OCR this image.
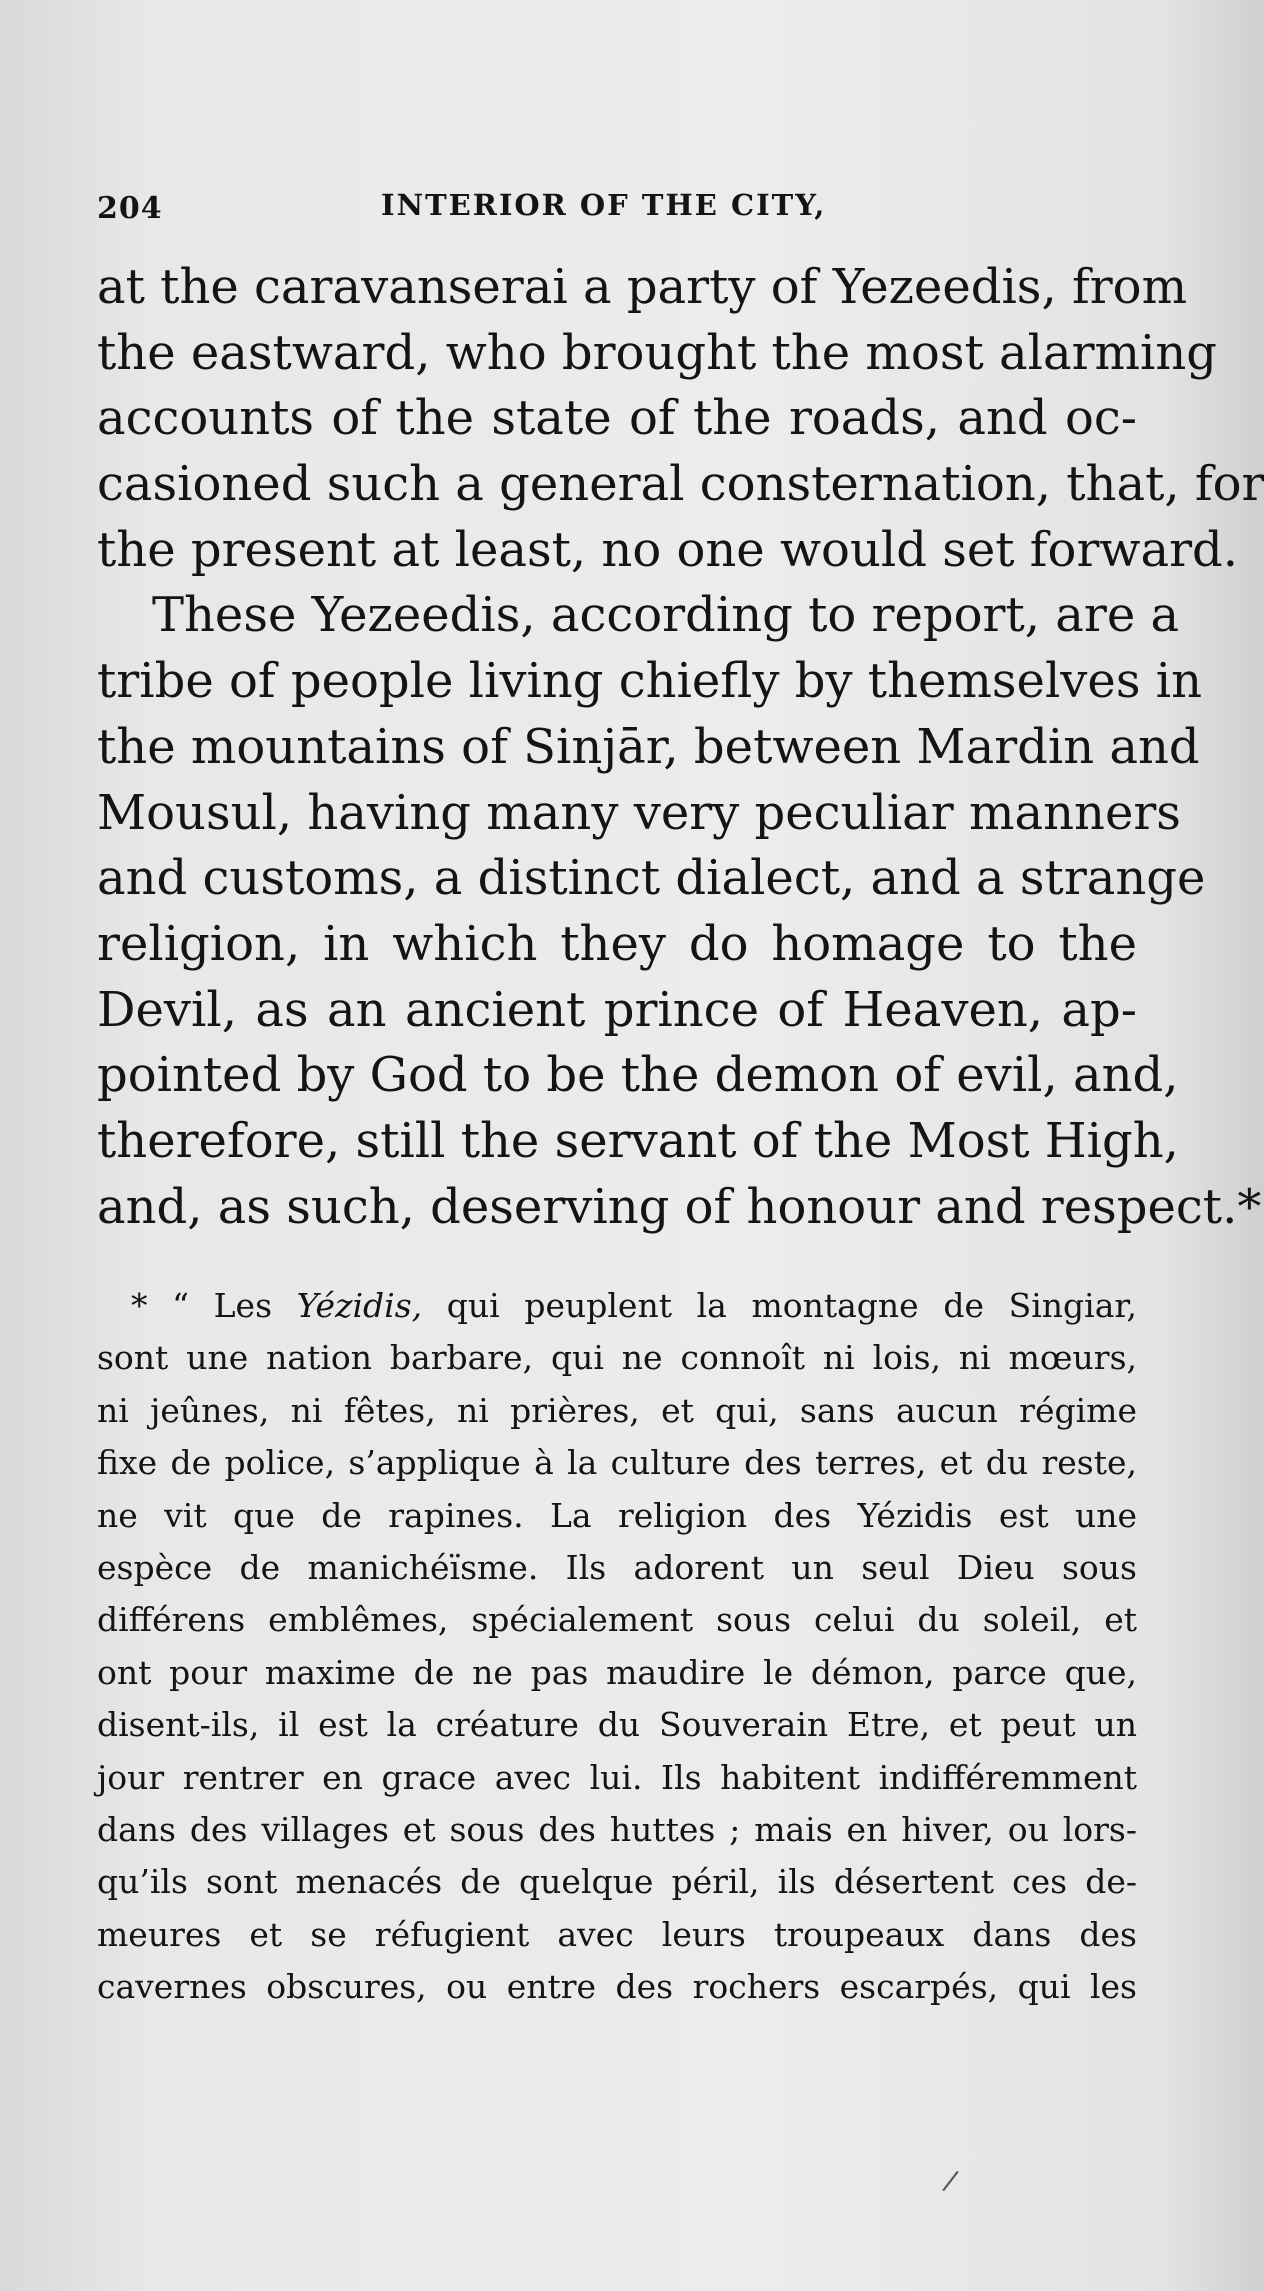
204	INTERIOR OF THE CITY,
at the caravanserai a party of Yezeedis, from
the eastward, who brought the most alarming
accounts of the state of the roads, and oc-
casioned such a general consternation, that, for
the present at least, no one would set forward.
These Yezeedis, according to report, are a
tribe of people living chiefly by themselves in
the mountains of Sinjār, between Mardin and
Mousul, having many very peculiar manners
and customs, a distinct dialect, and a strange
religion, in which they do homage to the
Devil, as an ancient prince of Heaven, ap-
pointed by God to be the demon of evil, and,
therefore, still the servant of the Most High,
and, as such, deserving of honour and respect.*
* “ Les Yézidis, qui peuplent la montagne de Singiar,
sont une nation barbare, qui ne connoît ni lois, ni mœurs,
ni jeûnes, ni fêtes, ni prières, et qui, sans aucun régime
fixe de police, s’applique à la culture des terres, et du reste,
ne vit que de rapines. La religion des Yézidis est une
espèce de manichéïsme. Ils adorent un seul Dieu sous
différens emblêmes, spécialement sous celui du soleil, et
ont pour maxime de ne pas maudire le démon, parce que,
disent-ils, il est la créature du Souverain Etre, et peut un
jour rentrer en grace avec lui. Ils habitent indifféremment
dans des villages et sous des huttes ; mais en hiver, ou lors-
qu’ils sont menacés de quelque péril, ils désertent ces de-
meures et se réfugient avec leurs troupeaux dans des
cavernes obscures, ou entre des rochers escarpés, qui les
/
